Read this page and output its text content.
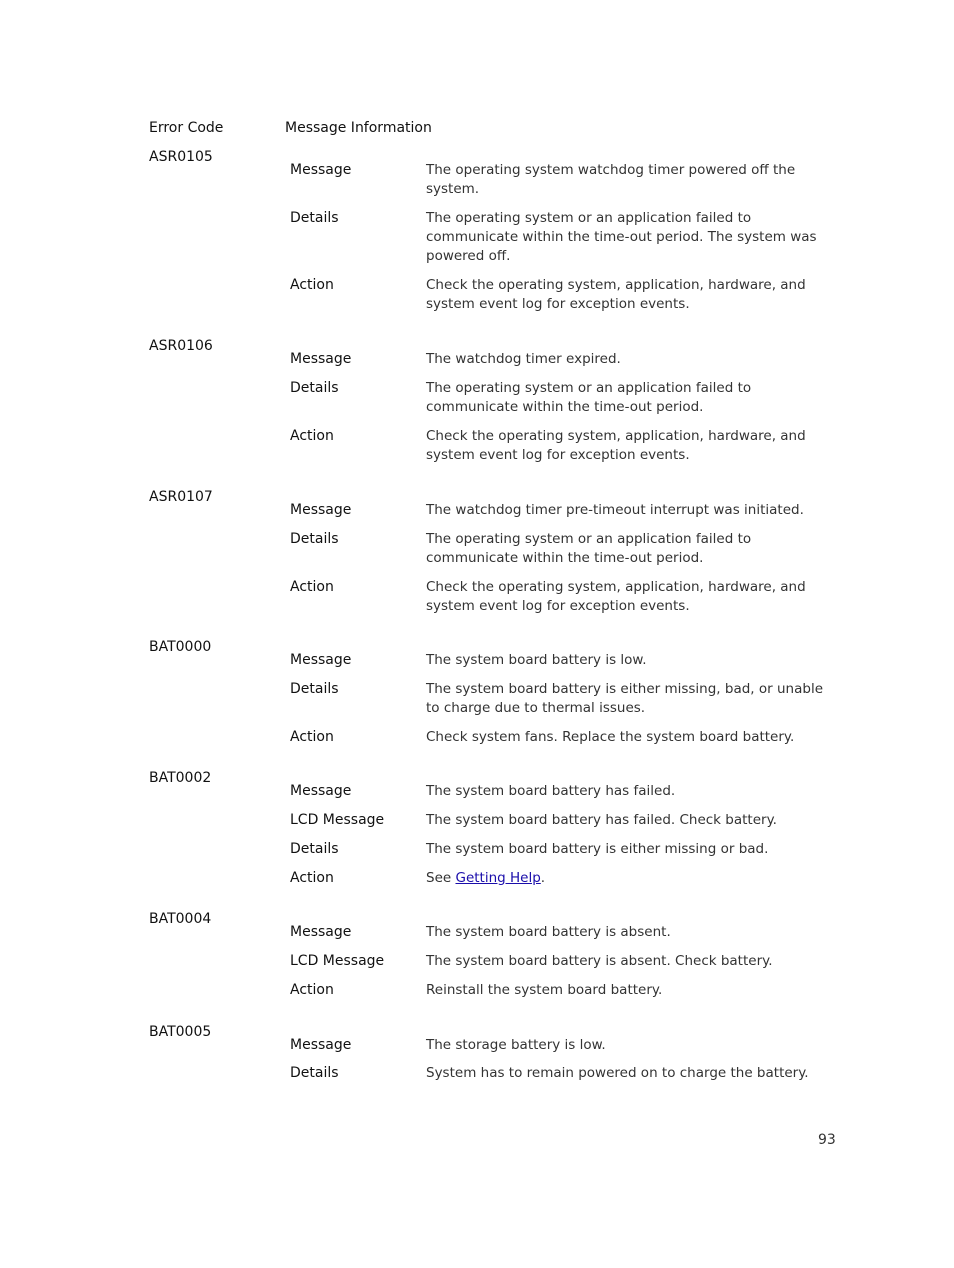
Error Code	Message Information
ASR0105
Message	The operating system watchdog timer powered off the system.
Details	The operating system or an application failed to communicate within the time-out period. The system was powered off.
Action	Check the operating system, application, hardware, and system event log for exception events.
ASR0106
Message	The watchdog timer expired.
Details	The operating system or an application failed to communicate within the time-out period.
Action	Check the operating system, application, hardware, and system event log for exception events.
ASR0107
Message	The watchdog timer pre-timeout interrupt was initiated.
Details	The operating system or an application failed to communicate within the time-out period.
Action	Check the operating system, application, hardware, and system event log for exception events.
BAT0000
Message	The system board battery is low.
Details	The system board battery is either missing, bad, or unable to charge due to thermal issues.
Action	Check system fans. Replace the system board battery.
BAT0002
Message	The system board battery has failed.
LCD Message	The system board battery has failed. Check battery.
Details	The system board battery is either missing or bad.
Action	See Getting Help.
BAT0004
Message	The system board battery is absent.
LCD Message	The system board battery is absent. Check battery.
Action	Reinstall the system board battery.
BAT0005
Message	The storage battery is low.
Details	System has to remain powered on to charge the battery.
93
